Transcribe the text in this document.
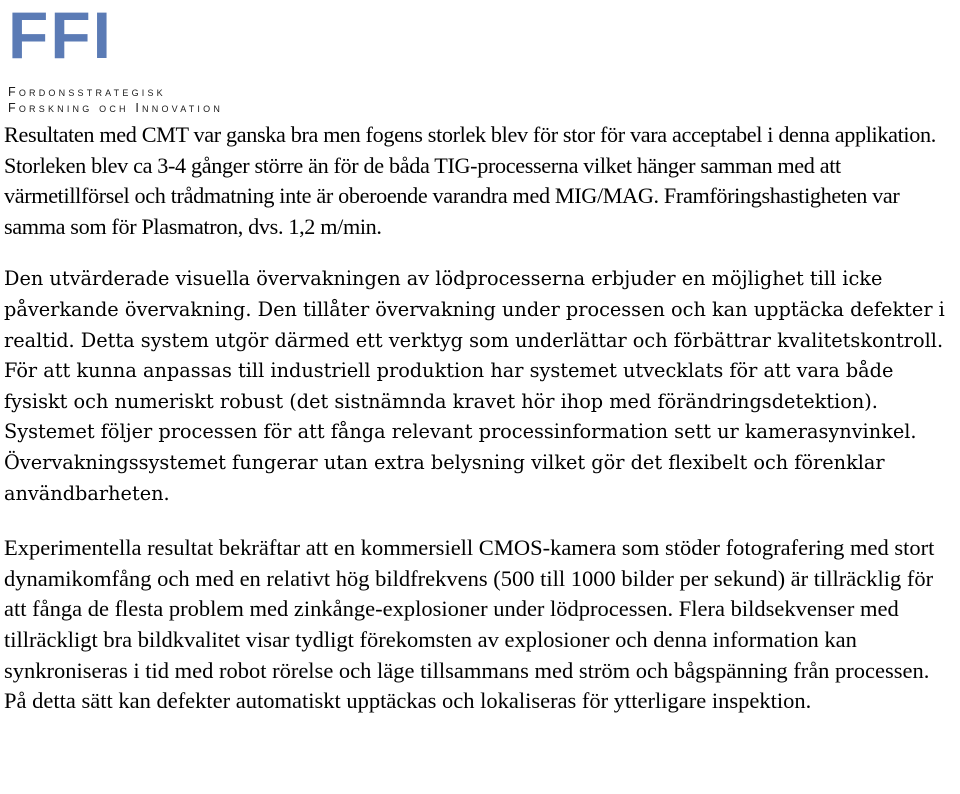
FFI
Fordonsstrategisk
Forskning och Innovation

Resultaten med CMT var ganska bra men fogens storlek blev för stor för vara acceptabel i denna applikation. Storleken blev ca 3-4 gånger större än för de båda TIG-processerna vilket hänger samman med att värmetillförsel och trådmatning inte är oberoende varandra med MIG/MAG. Framföringshastigheten var samma som för Plasmatron, dvs. 1,2 m/min.

Den utvärderade visuella övervakningen av lödprocesserna erbjuder en möjlighet till icke påverkande övervakning. Den tillåter övervakning under processen och kan upptäcka defekter i realtid. Detta system utgör därmed ett verktyg som underlättar och förbättrar kvalitetskontroll.

För att kunna anpassas till industriell produktion har systemet utvecklats för att vara både fysiskt och numeriskt robust (det sistnämnda kravet hör ihop med förändringsdetektion). Systemet följer processen för att fånga relevant processinformation sett ur kamerasynvinkel. Övervakningssystemet fungerar utan extra belysning vilket gör det flexibelt och förenklar användbarheten.

Experimentella resultat bekräftar att en kommersiell CMOS-kamera som stöder fotografering med stort dynamikomfång och med en relativt hög bildfrekvens (500 till 1000 bilder per sekund) är tillräcklig för att fånga de flesta problem med zinkånge-explosioner under lödprocessen. Flera bildsekvenser med tillräckligt bra bildkvalitet visar tydligt förekomsten av explosioner och denna information kan synkroniseras i tid med robot rörelse och läge tillsammans med ström och bågspänning från processen. På detta sätt kan defekter automatiskt upptäckas och lokaliseras för ytterligare inspektion.
